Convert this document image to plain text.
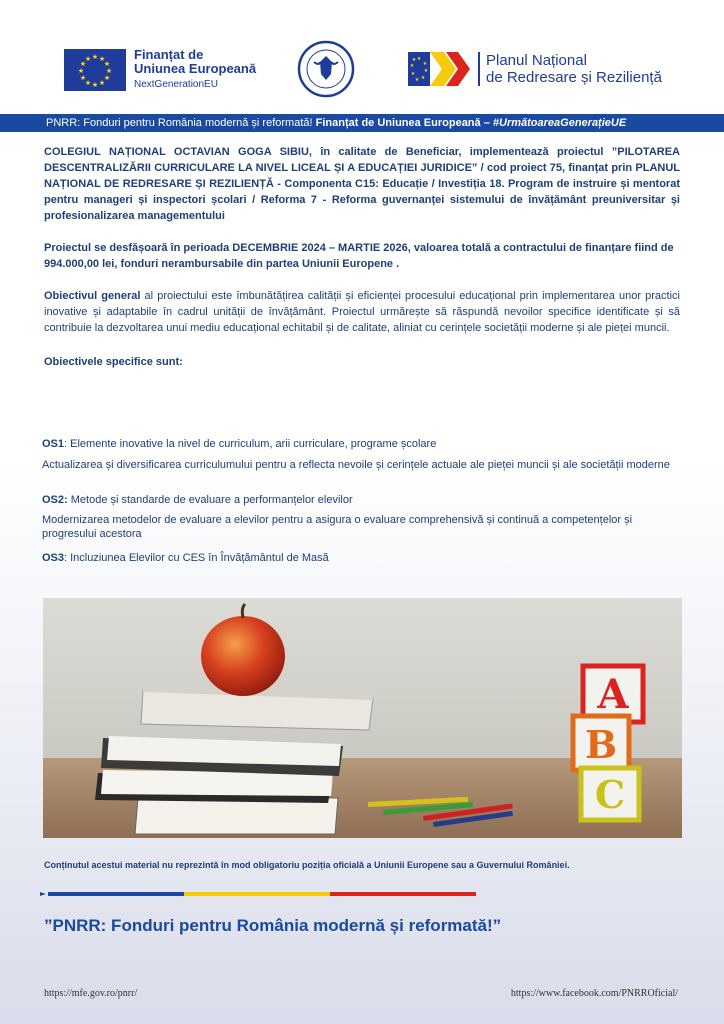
★ ★
★
★
★
★
★
★
★
★
★
★	Finanțat de
Uniunea Europeană
NextGenerationEU
★
★
★
★
★
★
★
★	Planul Național
de Redresare și Reziliență
PNRR: Fonduri pentru România modernă și reformată! Finanțat de Uniunea Europeană – #UrmătoareaGenerațieUE

COLEGIUL NAȚIONAL OCTAVIAN GOGA SIBIU, în calitate de Beneficiar, implementează proiectul ”PILOTAREA DESCENTRALIZĂRII CURRICULARE LA NIVEL LICEAL ȘI A EDUCAȚIEI JURIDICE” / cod proiect 75, finanțat prin PLANUL NAȚIONAL DE REDRESARE ȘI REZILIENȚĂ - Componenta C15: Educație / Investiția 18. Program de instruire și mentorat pentru manageri și inspectori școlari / Reforma 7 - Reforma guvernanței sistemului de învățământ preuniversitar și profesionalizarea managementului

Proiectul se desfășoară în perioada DECEMBRIE 2024 – MARTIE 2026, valoarea totală a contractului de finanțare fiind de 994.000,00 lei, fonduri nerambursabile din partea Uniunii Europene .

Obiectivul general al proiectului este îmbunătățirea calității și eficienței procesului educațional prin implementarea unor practici inovative și adaptabile în cadrul unității de învățământ. Proiectul urmărește să răspundă nevoilor specifice identificate și să contribuie la dezvoltarea unui mediu educațional echitabil și de calitate, aliniat cu cerințele societății moderne și ale pieței muncii.

Obiectivele specifice sunt:

OS1: Elemente inovative la nivel de curriculum, arii curriculare, programe școlare
Actualizarea și diversificarea curriculumului pentru a reflecta nevoile și cerințele actuale ale pieței muncii și ale societății moderne
OS2: Metode și standarde de evaluare a performanțelor elevilor
Modernizarea metodelor de evaluare a elevilor pentru a asigura o evaluare comprehensivă și continuă a competențelor și progresului acestora
OS3: Incluziunea Elevilor cu CES în Învățământul de Masă
A
B
C
Conținutul acestui material nu reprezintă în mod obligatoriu poziția oficială a Uniunii Europene sau a Guvernului României.
”PNRR: Fonduri pentru România modernă și reformată!”
https://mfe.gov.ro/pnrr/	https://www.facebook.com/PNRROficial/
